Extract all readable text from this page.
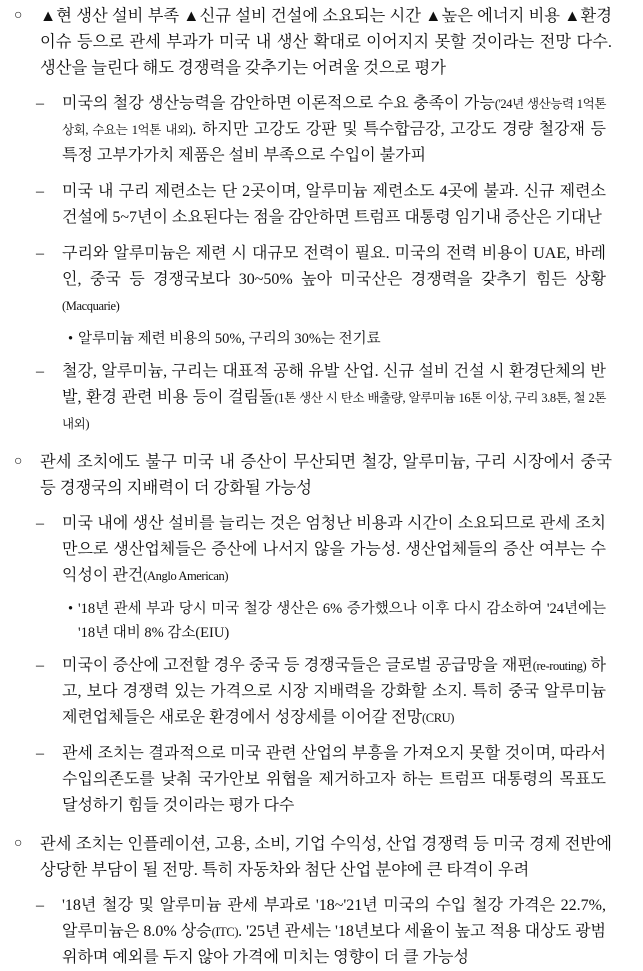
○ ▲현 생산 설비 부족 ▲신규 설비 건설에 소요되는 시간 ▲높은 에너지 비용 ▲환경 이슈 등으로 관세 부과가 미국 내 생산 확대로 이어지지 못할 것이라는 전망 다수. 생산을 늘린다 해도 경쟁력을 갖추기는 어려울 것으로 평가
– 미국의 철강 생산능력을 감안하면 이론적으로 수요 충족이 가능('24년 생산능력 1억톤 상회, 수요는 1억톤 내외). 하지만 고강도 강판 및 특수합금강, 고강도 경량 철강재 등 특정 고부가가치 제품은 설비 부족으로 수입이 불가피
– 미국 내 구리 제련소는 단 2곳이며, 알루미늄 제련소도 4곳에 불과. 신규 제련소 건설에 5~7년이 소요된다는 점을 감안하면 트럼프 대통령 임기내 증산은 기대난
– 구리와 알루미늄은 제련 시 대규모 전력이 필요. 미국의 전력 비용이 UAE, 바레인, 중국 등 경쟁국보다 30~50% 높아 미국산은 경쟁력을 갖추기 힘든 상황(Macquarie)
• 알루미늄 제련 비용의 50%, 구리의 30%는 전기료
– 철강, 알루미늄, 구리는 대표적 공해 유발 산업. 신규 설비 건설 시 환경단체의 반발, 환경 관련 비용 등이 걸림돌(1톤 생산 시 탄소 배출량, 알루미늄 16톤 이상, 구리 3.8톤, 철 2톤 내외)
○ 관세 조치에도 불구 미국 내 증산이 무산되면 철강, 알루미늄, 구리 시장에서 중국 등 경쟁국의 지배력이 더 강화될 가능성
– 미국 내에 생산 설비를 늘리는 것은 엄청난 비용과 시간이 소요되므로 관세 조치만으로 생산업체들은 증산에 나서지 않을 가능성. 생산업체들의 증산 여부는 수익성이 관건(Anglo American)
• '18년 관세 부과 당시 미국 철강 생산은 6% 증가했으나 이후 다시 감소하여 '24년에는 '18년 대비 8% 감소(EIU)
– 미국이 증산에 고전할 경우 중국 등 경쟁국들은 글로벌 공급망을 재편(re-routing) 하고, 보다 경쟁력 있는 가격으로 시장 지배력을 강화할 소지. 특히 중국 알루미늄 제련업체들은 새로운 환경에서 성장세를 이어갈 전망(CRU)
– 관세 조치는 결과적으로 미국 관련 산업의 부흥을 가져오지 못할 것이며, 따라서 수입의존도를 낮춰 국가안보 위협을 제거하고자 하는 트럼프 대통령의 목표도 달성하기 힘들 것이라는 평가 다수
○ 관세 조치는 인플레이션, 고용, 소비, 기업 수익성, 산업 경쟁력 등 미국 경제 전반에 상당한 부담이 될 전망. 특히 자동차와 첨단 산업 분야에 큰 타격이 우려
– '18년 철강 및 알루미늄 관세 부과로 '18~'21년 미국의 수입 철강 가격은 22.7%, 알루미늄은 8.0% 상승(ITC). '25년 관세는 '18년보다 세율이 높고 적용 대상도 광범위하며 예외를 두지 않아 가격에 미치는 영향이 더 클 가능성
